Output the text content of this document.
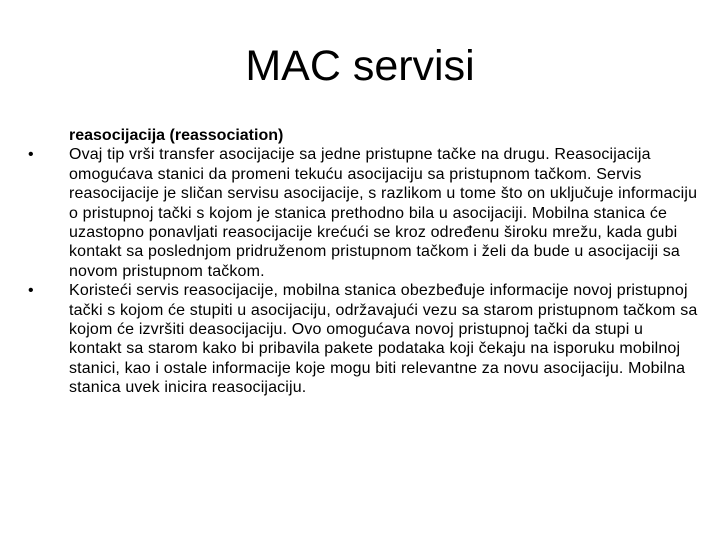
MAC servisi

reasocijacija (reassociation)

•	Ovaj tip vrši transfer asocijacije sa jedne pristupne tačke na drugu. Reasocijacija omogućava stanici da promeni tekuću asocijaciju sa pristupnom tačkom. Servis reasocijacije je sličan servisu asocijacije, s razlikom u tome što on uključuje informaciju o pristupnoj tački s kojom je stanica prethodno bila u asocijaciji. Mobilna stanica će uzastopno ponavljati reasocijacije krećući se kroz određenu široku mrežu, kada gubi kontakt sa poslednjom pridruženom pristupnom tačkom i želi da bude u asocijaciji sa novom pristupnom tačkom.
•	Koristeći servis reasocijacije, mobilna stanica obezbeđuje informacije novoj pristupnoj tački s kojom će stupiti u asocijaciju, održavajući vezu sa starom pristupnom tačkom sa kojom će izvršiti deasocijaciju. Ovo omogućava novoj pristupnoj tački da stupi u kontakt sa starom kako bi pribavila pakete podataka koji čekaju na isporuku mobilnoj stanici, kao i ostale informacije koje mogu biti relevantne za novu asocijaciju. Mobilna stanica uvek inicira reasocijaciju.
